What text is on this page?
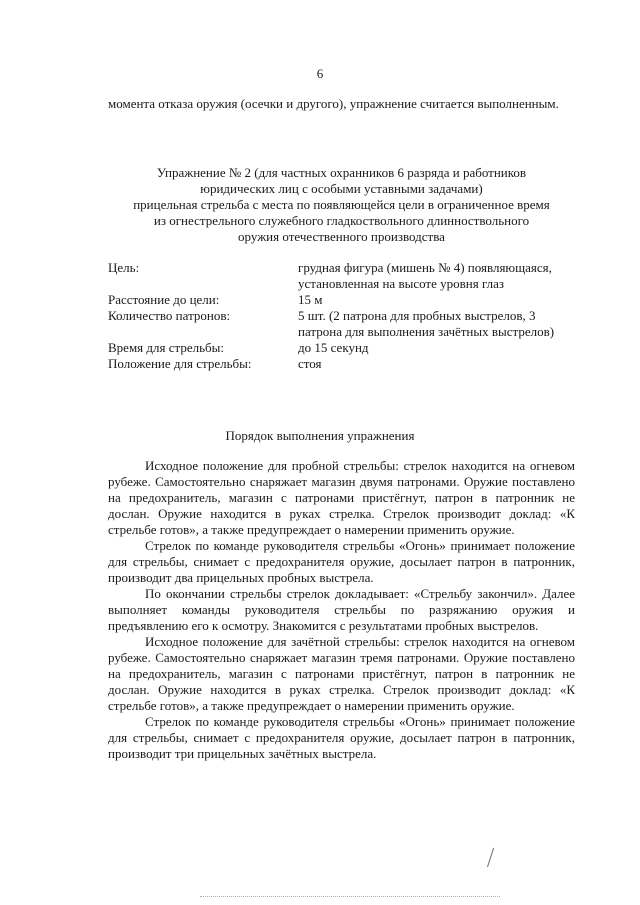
6
момента отказа оружия (осечки и другого), упражнение считается выполненным.
Упражнение № 2 (для частных охранников 6 разряда и работников
юридических лиц с особыми уставными задачами)
прицельная стрельба с места по появляющейся цели в ограниченное время
из огнестрельного служебного гладкоствольного длинноствольного
оружия отечественного производства
Цель:	грудная фигура (мишень № 4) появляющаяся, установленная на высоте уровня глаз
Расстояние до цели:	15 м
Количество патронов:	5 шт. (2 патрона для пробных выстрелов, 3 патрона для выполнения зачётных выстрелов)
Время для стрельбы:	до 15 секунд
Положение для стрельбы:	стоя
Порядок выполнения упражнения

Исходное положение для пробной стрельбы: стрелок находится на огневом рубеже. Самостоятельно снаряжает магазин двумя патронами. Оружие поставлено на предохранитель, магазин с патронами пристёгнут, патрон в патронник не дослан. Оружие находится в руках стрелка. Стрелок производит доклад: «К стрельбе готов», а также предупреждает о намерении применить оружие.

Стрелок по команде руководителя стрельбы «Огонь» принимает положение для стрельбы, снимает с предохранителя оружие, досылает патрон в патронник, производит два прицельных пробных выстрела.

По окончании стрельбы стрелок докладывает: «Стрельбу закончил». Далее выполняет команды руководителя стрельбы по разряжанию оружия и предъявлению его к осмотру. Знакомится с результатами пробных выстрелов.

Исходное положение для зачётной стрельбы: стрелок находится на огневом рубеже. Самостоятельно снаряжает магазин тремя патронами. Оружие поставлено на предохранитель, магазин с патронами пристёгнут, патрон в патронник не дослан. Оружие находится в руках стрелка. Стрелок производит доклад: «К стрельбе готов», а также предупреждает о намерении применить оружие.

Стрелок по команде руководителя стрельбы «Огонь» принимает положение для стрельбы, снимает с предохранителя оружие, досылает патрон в патронник, производит три прицельных зачётных выстрела.
